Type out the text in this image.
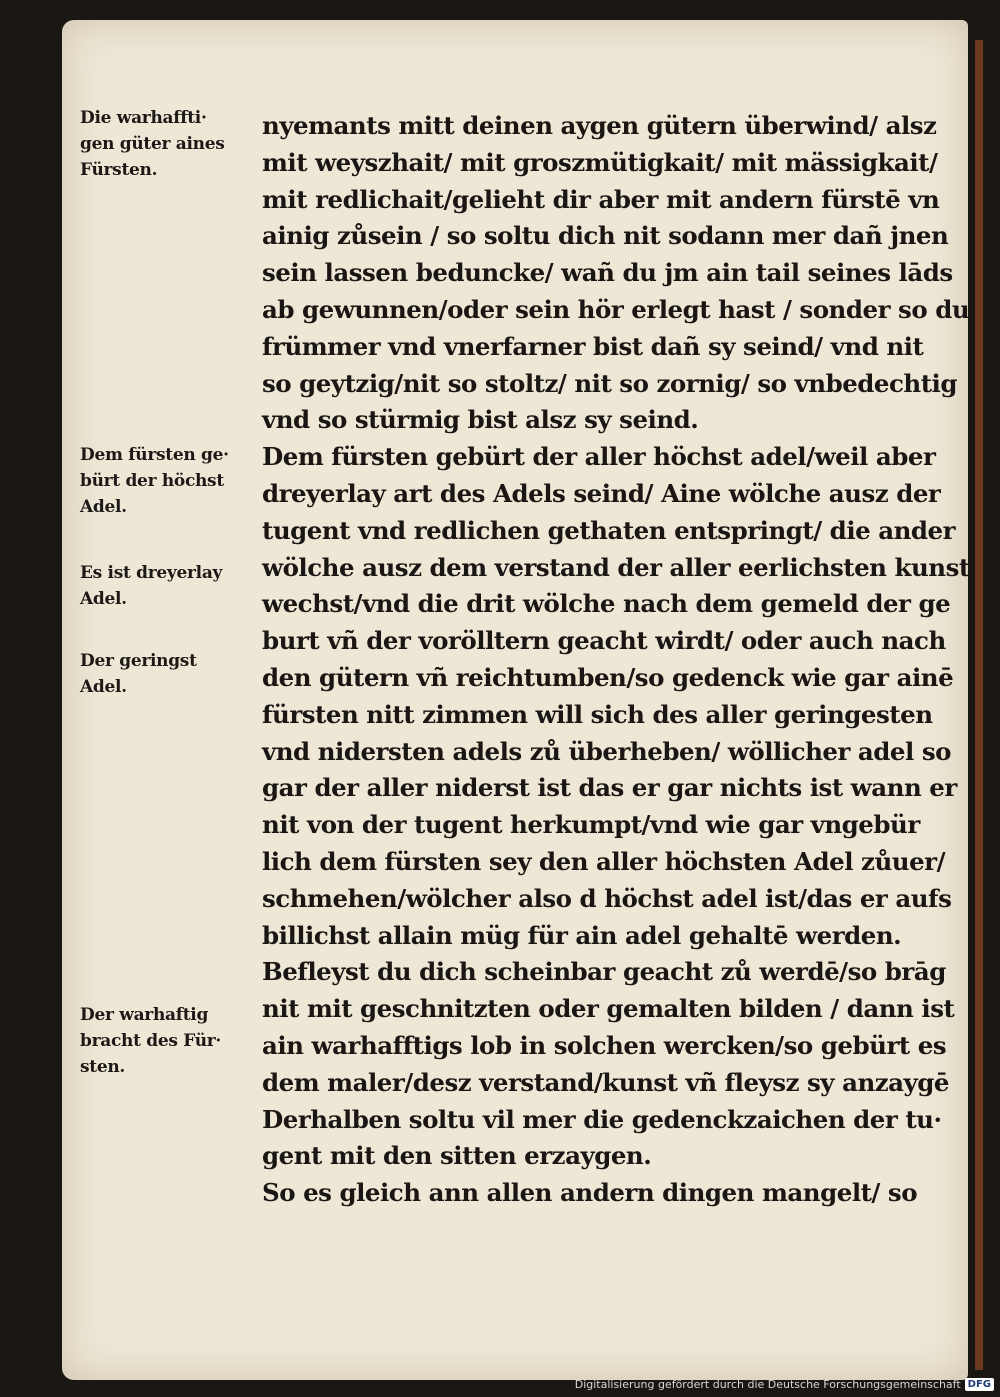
Die warhaffti·
gen güter aines
Fürsten.
Dem fürsten ge·
bürt der höchst
Adel.
Es ist dreyerlay
Adel.
Der geringst
Adel.
Der warhaftig
bracht des Für·
sten.
nyemants mitt deinen aygen gütern überwind/ alsz
mit weyszhait/ mit groszmütigkait/ mit mässigkait/
mit redlichait/gelieht dir aber mit andern fürstē vn
ainig zůsein / so soltu dich nit sodann mer dañ jnen
sein lassen beduncke/ wañ du jm ain tail seines lāds
ab gewunnen/oder sein hör erlegt hast / sonder so du
frümmer vnd vnerfarner bist dañ sy seind/ vnd nit
so geytzig/nit so stoltz/ nit so zornig/ so vnbedechtig
vnd so stürmig bist alsz sy seind.
Dem fürsten gebürt der aller höchst adel/weil aber
dreyerlay art des Adels seind/ Aine wölche ausz der
tugent vnd redlichen gethaten entspringt/ die ander
wölche ausz dem verstand der aller eerlichsten kunst
wechst/vnd die drit wölche nach dem gemeld der ge
burt vñ der vorölltern geacht wirdt/ oder auch nach
den gütern vñ reichtumben/so gedenck wie gar ainē
fürsten nitt zimmen will sich des aller geringesten
vnd nidersten adels zů überheben/ wöllicher adel so
gar der aller niderst ist das er gar nichts ist wann er
nit von der tugent herkumpt/vnd wie gar vngebür
lich dem fürsten sey den aller höchsten Adel zůuer/
schmehen/wölcher also d höchst adel ist/das er aufs
billichst allain müg für ain adel gehaltē werden.
Befleyst du dich scheinbar geacht zů werdē/so brāg
nit mit geschnitzten oder gemalten bilden / dann ist
ain warhafftigs lob in solchen wercken/so gebürt es
dem maler/desz verstand/kunst vñ fleysz sy anzaygē
Derhalben soltu vil mer die gedenckzaichen der tu·
gent mit den sitten erzaygen.
So es gleich ann allen andern dingen mangelt/ so
Digitalisierung gefördert durch die Deutsche Forschungsgemeinschaft DFG
